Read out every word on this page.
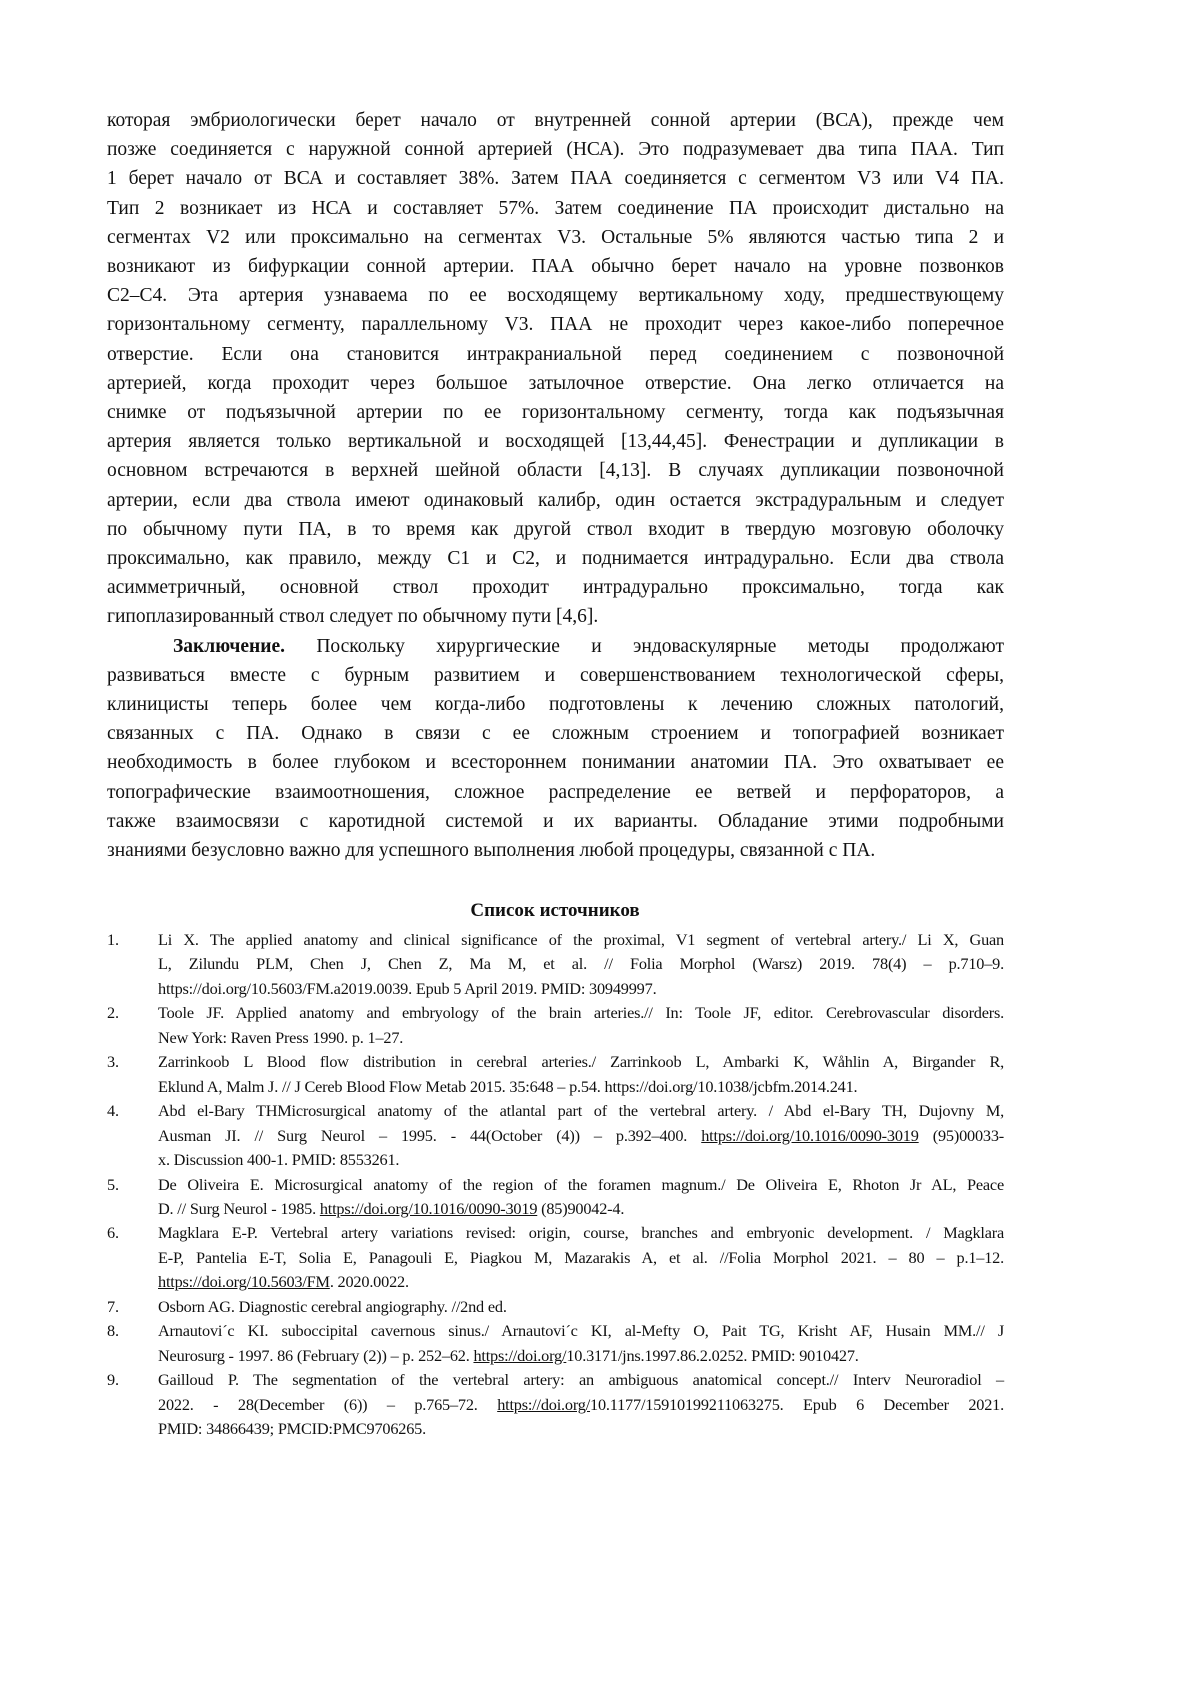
которая эмбриологически берет начало от внутренней сонной артерии (ВСА), прежде чем
позже соединяется с наружной сонной артерией (НСА). Это подразумевает два типа ПАА. Тип
1 берет начало от ВСА и составляет 38%. Затем ПАА соединяется с сегментом V3 или V4 ПА.
Тип 2 возникает из НСА и составляет 57%. Затем соединение ПА происходит дистально на
сегментах V2 или проксимально на сегментах V3. Остальные 5% являются частью типа 2 и
возникают из бифуркации сонной артерии. ПАА обычно берет начало на уровне позвонков
C2–C4. Эта артерия узнаваема по ее восходящему вертикальному ходу, предшествующему
горизонтальному сегменту, параллельному V3. ПАА не проходит через какое-либо поперечное
отверстие. Если она становится интракраниальной перед соединением с позвоночной
артерией, когда проходит через большое затылочное отверстие. Она легко отличается на
снимке от подъязычной артерии по ее горизонтальному сегменту, тогда как подъязычная
артерия является только вертикальной и восходящей [13,44,45]. Фенестрации и дупликации в
основном встречаются в верхней шейной области [4,13]. В случаях дупликации позвоночной
артерии, если два ствола имеют одинаковый калибр, один остается экстрадуральным и следует
по обычному пути ПА, в то время как другой ствол входит в твердую мозговую оболочку
проксимально, как правило, между С1 и С2, и поднимается интрадурально. Если два ствола
асимметричный, основной ствол проходит интрадурально проксимально, тогда как
гипоплазированный ствол следует по обычному пути [4,6].
Заключение. Поскольку хирургические и эндоваскулярные методы продолжают
развиваться вместе с бурным развитием и совершенствованием технологической сферы,
клиницисты теперь более чем когда-либо подготовлены к лечению сложных патологий,
связанных с ПА. Однако в связи с ее сложным строением и топографией возникает
необходимость в более глубоком и всестороннем понимании анатомии ПА. Это охватывает ее
топографические взаимоотношения, сложное распределение ее ветвей и перфораторов, а
также взаимосвязи с каротидной системой и их варианты. Обладание этими подробными
знаниями безусловно важно для успешного выполнения любой процедуры, связанной с ПА.
Список источников
1. Li X. The applied anatomy and clinical significance of the proximal, V1 segment of vertebral artery./ Li X, Guan
L, Zilundu PLM, Chen J, Chen Z, Ma M, et al. // Folia Morphol (Warsz) 2019. 78(4) – p.710–9.
https://doi.org/10.5603/FM.a2019.0039. Epub 5 April 2019. PMID: 30949997.
2. Toole JF. Applied anatomy and embryology of the brain arteries.// In: Toole JF, editor. Cerebrovascular disorders.
New York: Raven Press 1990. p. 1–27.
3. Zarrinkoob L Blood flow distribution in cerebral arteries./ Zarrinkoob L, Ambarki K, Wåhlin A, Birgander R,
Eklund A, Malm J. // J Cereb Blood Flow Metab 2015. 35:648 – p.54. https://doi.org/10.1038/jcbfm.2014.241.
4. Abd el-Bary THMicrosurgical anatomy of the atlantal part of the vertebral artery. / Abd el-Bary TH, Dujovny M,
Ausman JI. // Surg Neurol – 1995. - 44(October (4)) – p.392–400. https://doi.org/10.1016/0090-3019 (95)00033-
x. Discussion 400-1. PMID: 8553261.
5. De Oliveira E. Microsurgical anatomy of the region of the foramen magnum./ De Oliveira E, Rhoton Jr AL, Peace
D. // Surg Neurol - 1985. https://doi.org/10.1016/0090-3019 (85)90042-4.
6. Magklara E-P. Vertebral artery variations revised: origin, course, branches and embryonic development. / Magklara
E-P, Pantelia E-T, Solia E, Panagouli E, Piagkou M, Mazarakis A, et al. //Folia Morphol 2021. – 80 – p.1–12.
https://doi.org/10.5603/FM. 2020.0022.
7. Osborn AG. Diagnostic cerebral angiography. //2nd ed.
8. Arnautovi´c KI. suboccipital cavernous sinus./ Arnautovi´c KI, al-Mefty O, Pait TG, Krisht AF, Husain MM.// J
Neurosurg - 1997. 86 (February (2)) – p. 252–62. https://doi.org/10.3171/jns.1997.86.2.0252. PMID: 9010427.
9. Gailloud P. The segmentation of the vertebral artery: an ambiguous anatomical concept.// Interv Neuroradiol –
2022. - 28(December (6)) – p.765–72. https://doi.org/10.1177/15910199211063275. Epub 6 December 2021.
PMID: 34866439; PMCID:PMC9706265.
